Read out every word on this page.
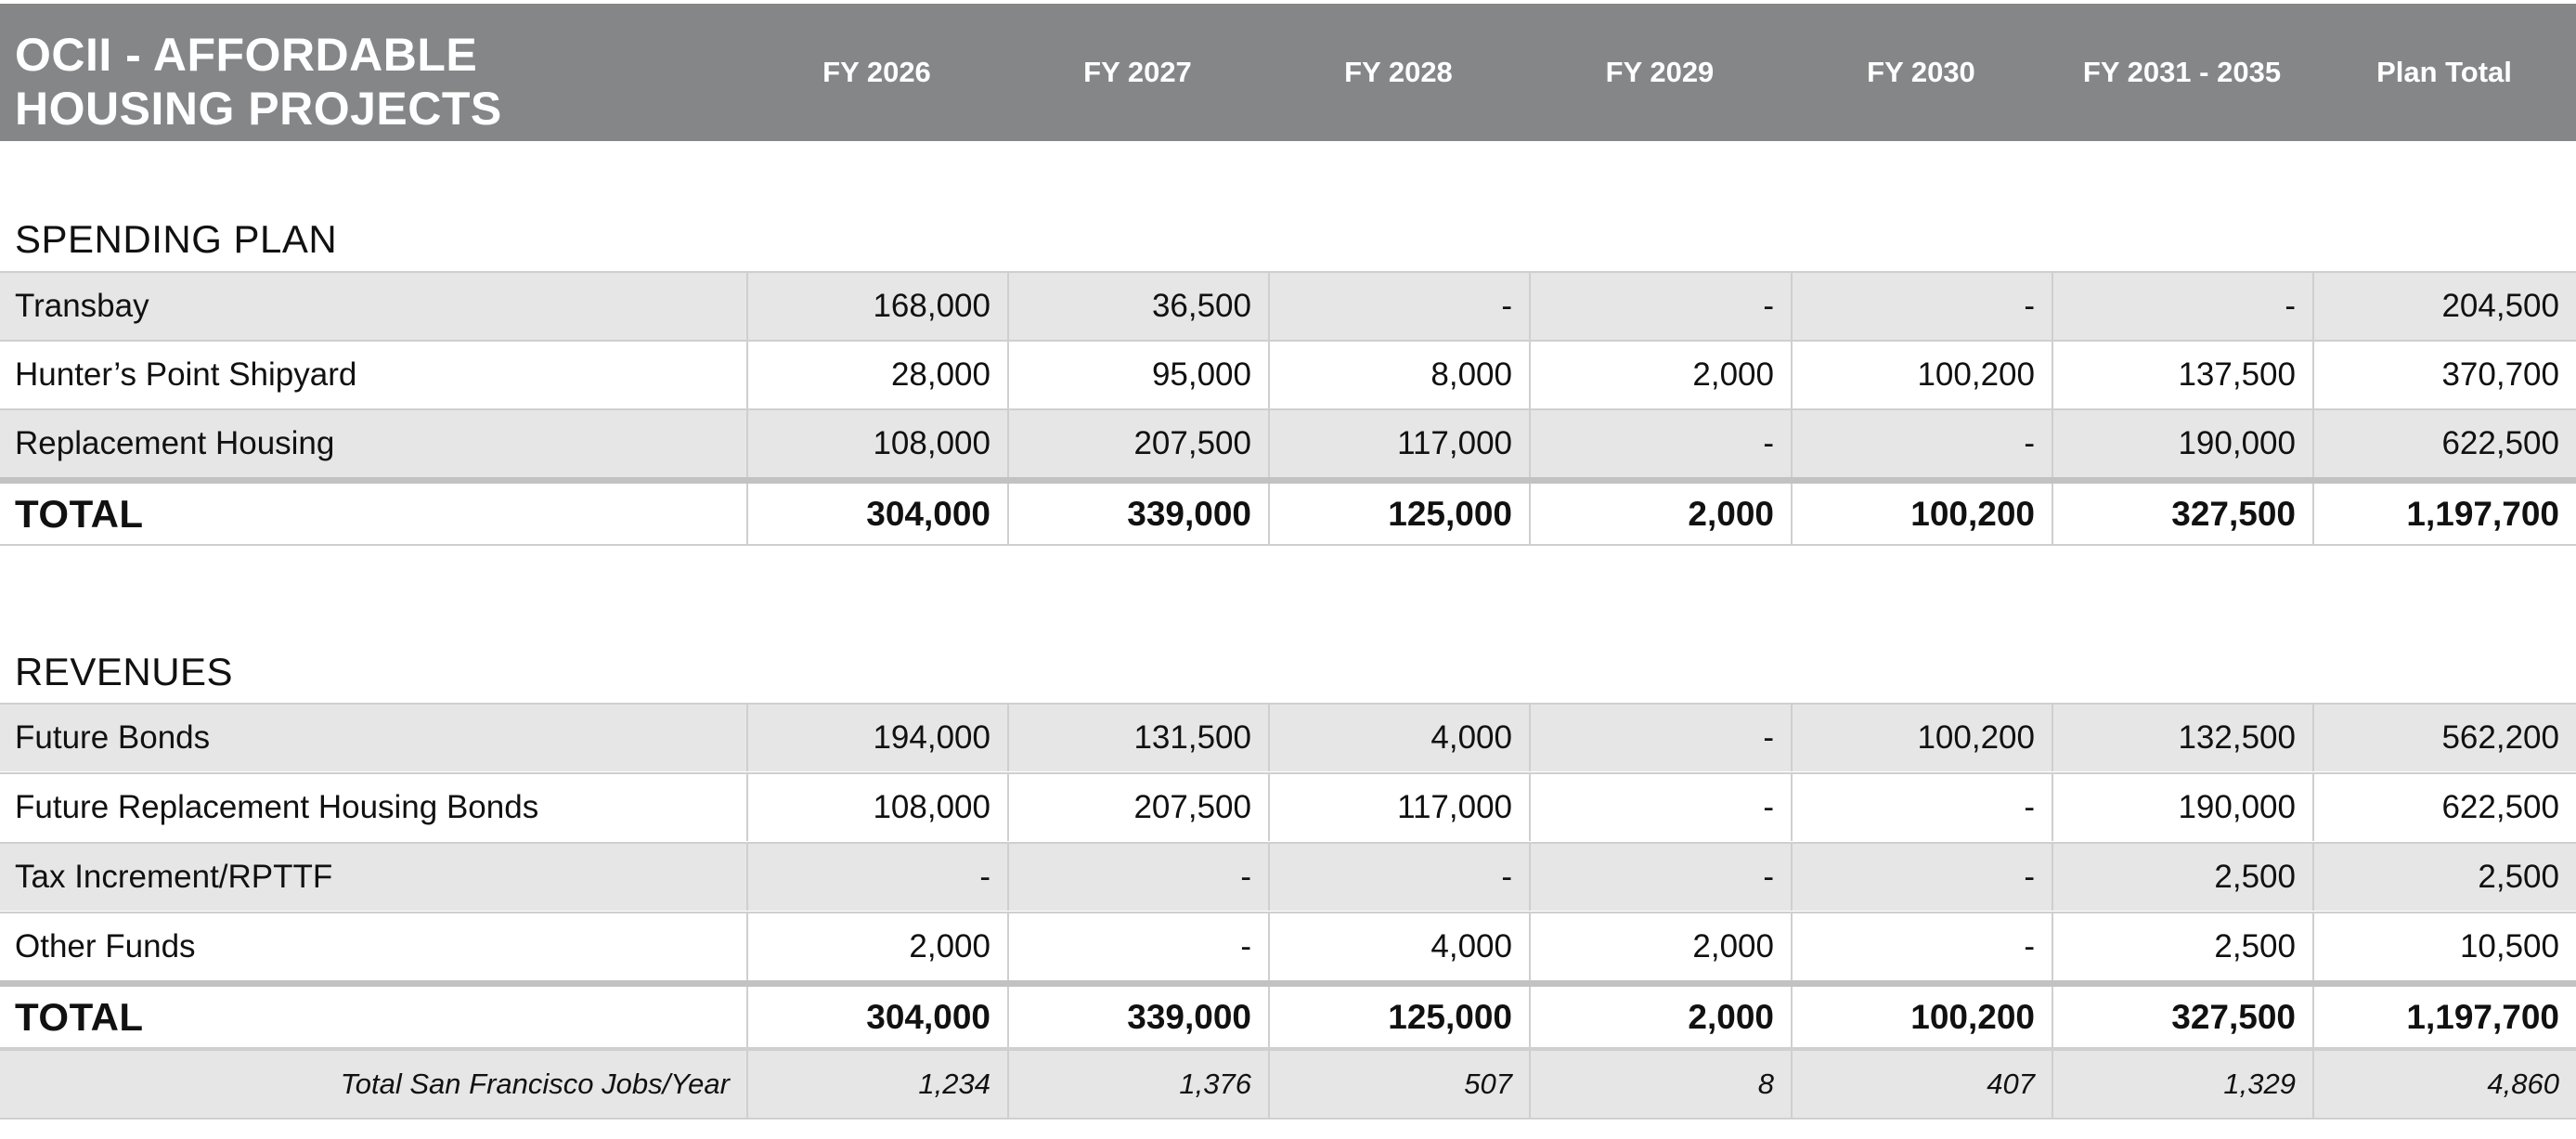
OCII - AFFORDABLE
HOUSING PROJECTS
FY 2026	FY 2027	FY 2028	FY 2029	FY 2030	FY 2031 - 2035	Plan Total
SPENDING PLAN
Transbay	168,000	36,500	-	-	-	-	204,500
Hunter’s Point Shipyard	28,000	95,000	8,000	2,000	100,200	137,500	370,700
Replacement Housing	108,000	207,500	117,000	-	-	190,000	622,500
TOTAL	304,000	339,000	125,000	2,000	100,200	327,500	1,197,700
REVENUES
Future Bonds	194,000	131,500	4,000	-	100,200	132,500	562,200
Future Replacement Housing Bonds	108,000	207,500	117,000	-	-	190,000	622,500
Tax Increment/RPTTF	-	-	-	-	-	2,500	2,500
Other Funds	2,000	-	4,000	2,000	-	2,500	10,500
TOTAL	304,000	339,000	125,000	2,000	100,200	327,500	1,197,700
Total San Francisco Jobs/Year	1,234	1,376	507	8	407	1,329	4,860
